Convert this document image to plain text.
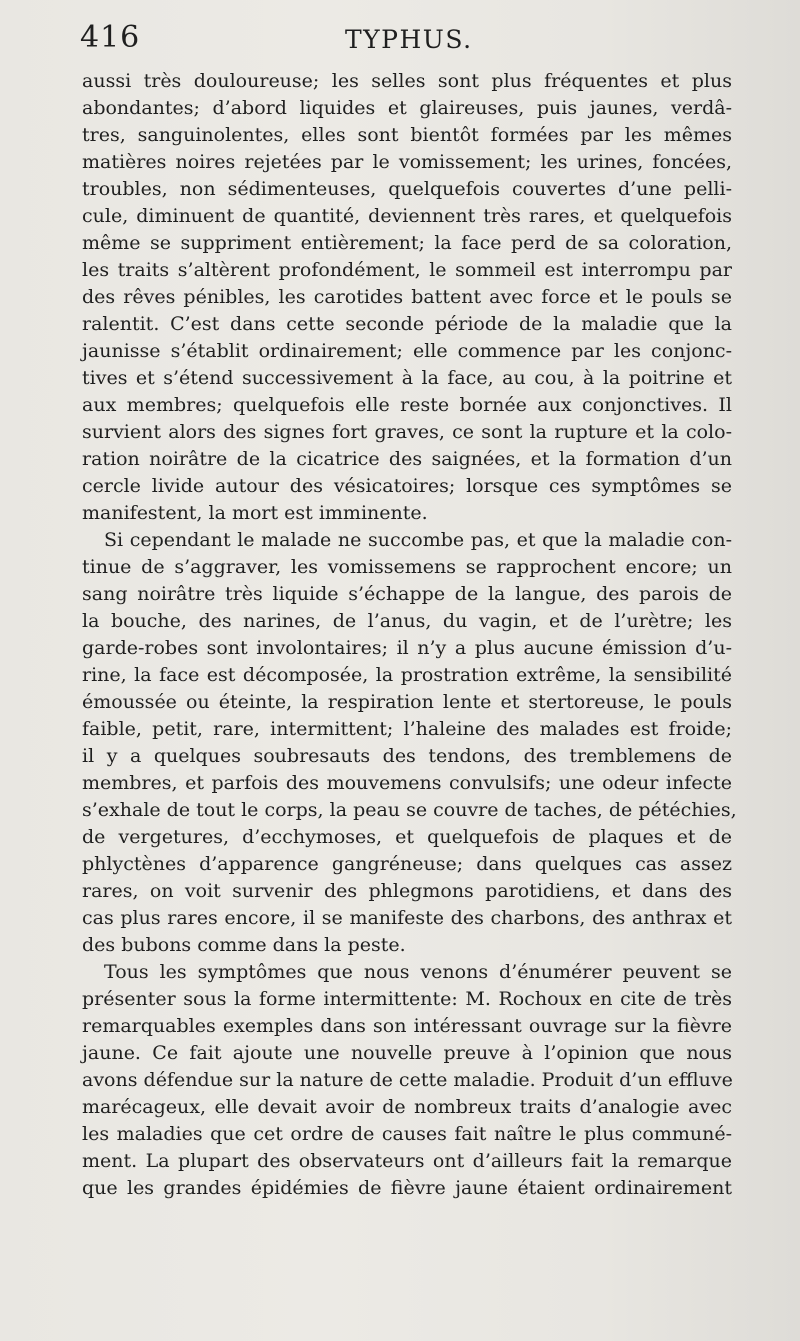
416	TYPHUS.
aussi très douloureuse; les selles sont plus fréquentes et plus
abondantes; d’abord liquides et glaireuses, puis jaunes, verdâ-
tres, sanguinolentes, elles sont bientôt formées par les mêmes
matières noires rejetées par le vomissement; les urines, foncées,
troubles, non sédimenteuses, quelquefois couvertes d’une pelli-
cule, diminuent de quantité, deviennent très rares, et quelquefois
même se suppriment entièrement; la face perd de sa coloration,
les traits s’altèrent profondément, le sommeil est interrompu par
des rêves pénibles, les carotides battent avec force et le pouls se
ralentit. C’est dans cette seconde période de la maladie que la
jaunisse s’établit ordinairement; elle commence par les conjonc-
tives et s’étend successivement à la face, au cou, à la poitrine et
aux membres; quelquefois elle reste bornée aux conjonctives. Il
survient alors des signes fort graves, ce sont la rupture et la colo-
ration noirâtre de la cicatrice des saignées, et la formation d’un
cercle livide autour des vésicatoires; lorsque ces symptômes se
manifestent, la mort est imminente.
Si cependant le malade ne succombe pas, et que la maladie con-
tinue de s’aggraver, les vomissemens se rapprochent encore; un
sang noirâtre très liquide s’échappe de la langue, des parois de
la bouche, des narines, de l’anus, du vagin, et de l’urètre; les
garde-robes sont involontaires; il n’y a plus aucune émission d’u-
rine, la face est décomposée, la prostration extrême, la sensibilité
émoussée ou éteinte, la respiration lente et stertoreuse, le pouls
faible, petit, rare, intermittent; l’haleine des malades est froide;
il y a quelques soubresauts des tendons, des tremblemens de
membres, et parfois des mouvemens convulsifs; une odeur infecte
s’exhale de tout le corps, la peau se couvre de taches, de pétéchies,
de vergetures, d’ecchymoses, et quelquefois de plaques et de
phlyctènes d’apparence gangréneuse; dans quelques cas assez
rares, on voit survenir des phlegmons parotidiens, et dans des
cas plus rares encore, il se manifeste des charbons, des anthrax et
des bubons comme dans la peste.
Tous les symptômes que nous venons d’énumérer peuvent se
présenter sous la forme intermittente: M. Rochoux en cite de très
remarquables exemples dans son intéressant ouvrage sur la fièvre
jaune. Ce fait ajoute une nouvelle preuve à l’opinion que nous
avons défendue sur la nature de cette maladie. Produit d’un effluve
marécageux, elle devait avoir de nombreux traits d’analogie avec
les maladies que cet ordre de causes fait naître le plus communé-
ment. La plupart des observateurs ont d’ailleurs fait la remarque
que les grandes épidémies de fièvre jaune étaient ordinairement
